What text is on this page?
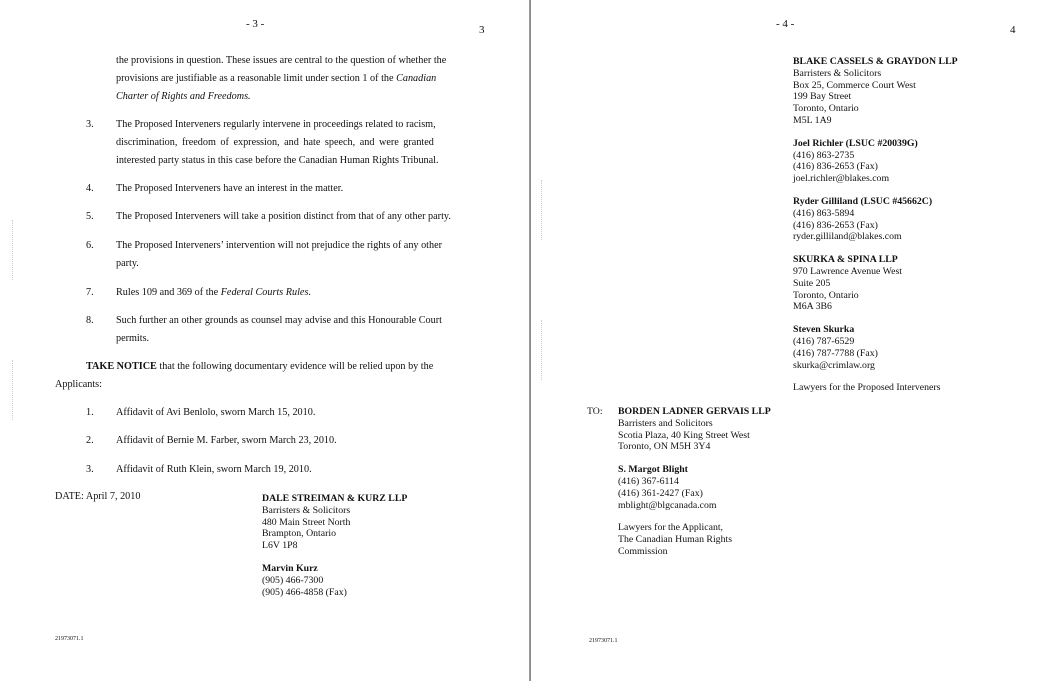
- 3 -	3

the provisions in question. These issues are central to the question of whether the

provisions are justifiable as a reasonable limit under section 1 of the Canadian

Charter of Rights and Freedoms.

3. The Proposed Interveners regularly intervene in proceedings related to racism,

discrimination, freedom of expression, and hate speech, and were granted

interested party status in this case before the Canadian Human Rights Tribunal.

4. The Proposed Interveners have an interest in the matter.
5. The Proposed Interveners will take a position distinct from that of any other party.
6. The Proposed Interveners’ intervention will not prejudice the rights of any other

party.

7. Rules 109 and 369 of the Federal Courts Rules.
8. Such further an other grounds as counsel may advise and this Honourable Court

permits.

TAKE NOTICE that the following documentary evidence will be relied upon by the
Applicants:
1. Affidavit of Avi Benlolo, sworn March 15, 2010.
2. Affidavit of Bernie M. Farber, sworn March 23, 2010.
3. Affidavit of Ruth Klein, sworn March 19, 2010.
DATE: April 7, 2010	DALE STREIMAN & KURZ LLP
Barristers & Solicitors
480 Main Street North
Brampton, Ontario
L6V 1P8
Marvin Kurz
(905) 466-7300
(905) 466-4858 (Fax)
21973071.1
- 4 -	4
BLAKE CASSELS & GRAYDON LLP
Barristers & Solicitors
Box 25, Commerce Court West
199 Bay Street
Toronto, Ontario
M5L 1A9
Joel Richler (LSUC #20039G)
(416) 863-2735
(416) 836-2653 (Fax)
joel.richler@blakes.com
Ryder Gilliland (LSUC #45662C)
(416) 863-5894
(416) 836-2653 (Fax)
ryder.gilliland@blakes.com
SKURKA & SPINA LLP
970 Lawrence Avenue West
Suite 205
Toronto, Ontario
M6A 3B6
Steven Skurka
(416) 787-6529
(416) 787-7788 (Fax)
skurka@crimlaw.org
Lawyers for the Proposed Interveners
TO: BORDEN LADNER GERVAIS LLP
Barristers and Solicitors
Scotia Plaza, 40 King Street West
Toronto, ON M5H 3Y4
S. Margot Blight
(416) 367-6114
(416) 361-2427 (Fax)
mblight@blgcanada.com
Lawyers for the Applicant,
The Canadian Human Rights
Commission
21973071.1
